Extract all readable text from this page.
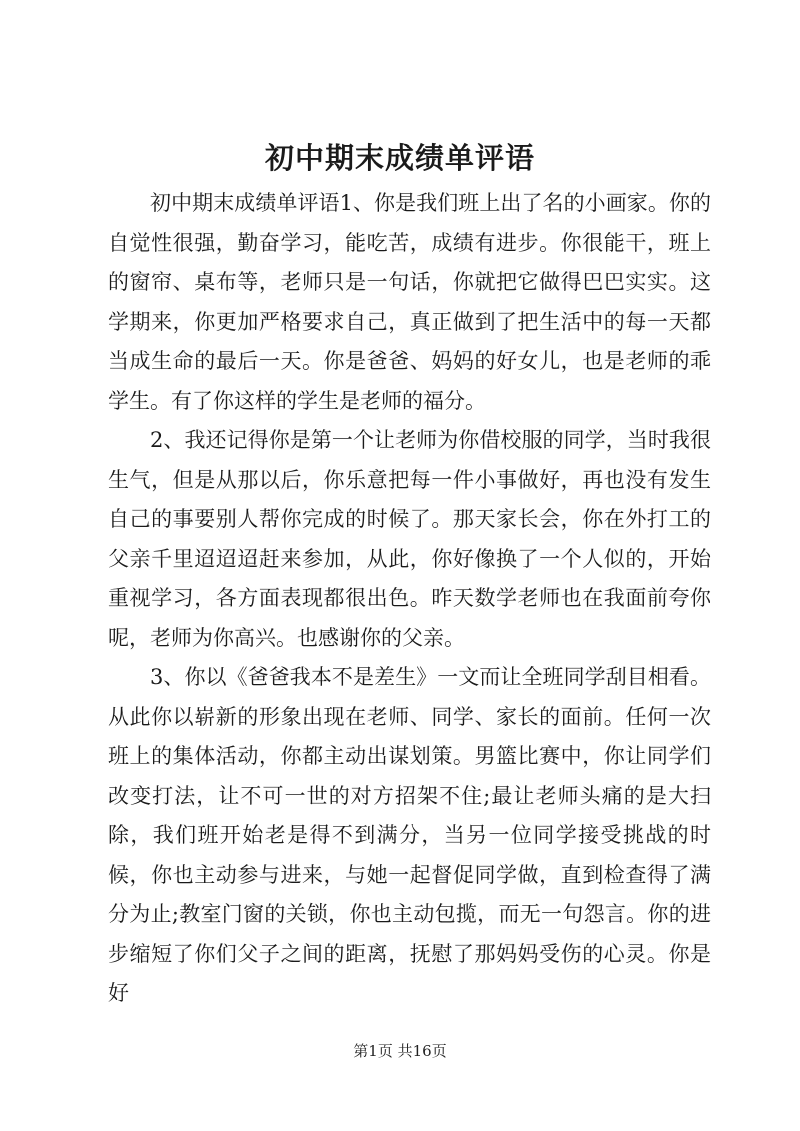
初中期末成绩单评语

初中期末成绩单评语1、你是我们班上出了名的小画家。你的自觉性很强，勤奋学习，能吃苦，成绩有进步。你很能干，班上的窗帘、桌布等，老师只是一句话，你就把它做得巴巴实实。这学期来，你更加严格要求自己，真正做到了把生活中的每一天都当成生命的最后一天。你是爸爸、妈妈的好女儿，也是老师的乖学生。有了你这样的学生是老师的福分。

2、我还记得你是第一个让老师为你借校服的同学，当时我很生气，但是从那以后，你乐意把每一件小事做好，再也没有发生自己的事要别人帮你完成的时候了。那天家长会，你在外打工的父亲千里迢迢迢赶来参加，从此，你好像换了一个人似的，开始重视学习，各方面表现都很出色。昨天数学老师也在我面前夸你呢，老师为你高兴。也感谢你的父亲。

3、你以《爸爸我本不是差生》一文而让全班同学刮目相看。从此你以崭新的形象出现在老师、同学、家长的面前。任何一次班上的集体活动，你都主动出谋划策。男篮比赛中，你让同学们改变打法，让不可一世的对方招架不住;最让老师头痛的是大扫除，我们班开始老是得不到满分，当另一位同学接受挑战的时候，你也主动参与进来，与她一起督促同学做，直到检查得了满分为止;教室门窗的关锁，你也主动包揽，而无一句怨言。你的进步缩短了你们父子之间的距离，抚慰了那妈妈受伤的心灵。你是好

第1页 共16页
